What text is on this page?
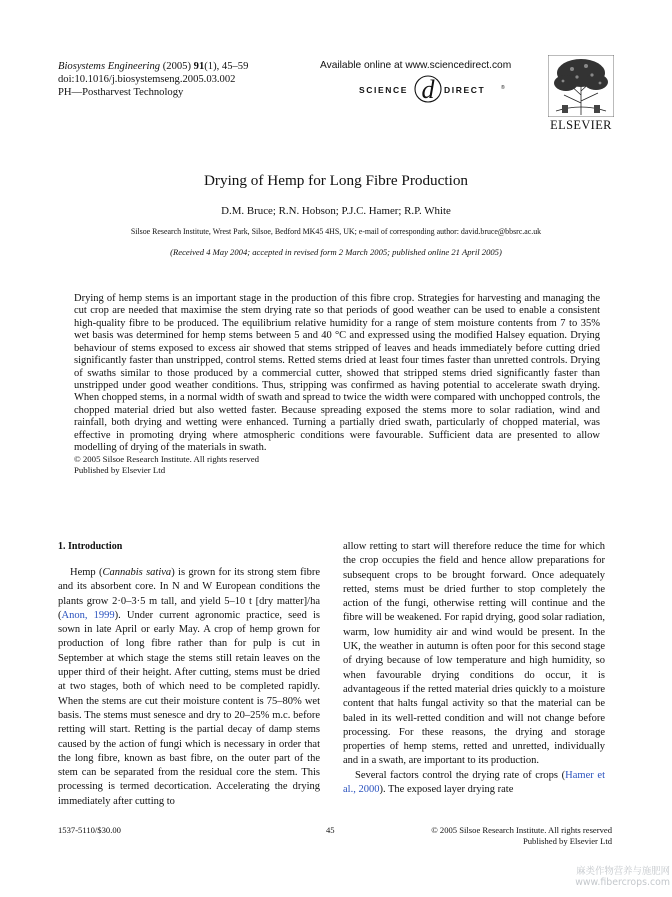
Biosystems Engineering (2005) 91(1), 45–59
doi:10.1016/j.biosystemseng.2005.03.002
PH—Postharvest Technology
Available online at www.sciencedirect.com
SCIENCE d DIRECT	®
ELSEVIER
Drying of Hemp for Long Fibre Production
D.M. Bruce; R.N. Hobson; P.J.C. Hamer; R.P. White
Silsoe Research Institute, Wrest Park, Silsoe, Bedford MK45 4HS, UK; e-mail of corresponding author: david.bruce@bbsrc.ac.uk
(Received 4 May 2004; accepted in revised form 2 March 2005; published online 21 April 2005)

Drying of hemp stems is an important stage in the production of this fibre crop. Strategies for harvesting and managing the cut crop are needed that maximise the stem drying rate so that periods of good weather can be used to enable a consistent high-quality fibre to be produced. The equilibrium relative humidity for a range of stem moisture contents from 7 to 35% wet basis was determined for hemp stems between 5 and 40 °C and expressed using the modified Halsey equation. Drying behaviour of stems exposed to excess air showed that stems stripped of leaves and heads immediately before cutting dried significantly faster than unstripped, control stems. Retted stems dried at least four times faster than unretted controls. Drying of swaths similar to those produced by a commercial cutter, showed that stripped stems dried significantly faster than unstripped under good weather conditions. Thus, stripping was confirmed as having potential to accelerate swath drying. When chopped stems, in a normal width of swath and spread to twice the width were compared with unchopped controls, the chopped material dried but also wetted faster. Because spreading exposed the stems more to solar radiation, wind and rainfall, both drying and wetting were enhanced. Turning a partially dried swath, particularly of chopped material, was effective in promoting drying where atmospheric conditions were favourable. Sufficient data are presented to allow modelling of drying of the materials in swath.

© 2005 Silsoe Research Institute. All rights reserved
Published by Elsevier Ltd
1. Introduction

Hemp (Cannabis sativa) is grown for its strong stem fibre and its absorbent core. In N and W European conditions the plants grow 2·0–3·5 m tall, and yield 5–10 t [dry matter]/ha (Anon, 1999). Under current agronomic practice, seed is sown in late April or early May. A crop of hemp grown for production of long fibre rather than for pulp is cut in September at which stage the stems still retain leaves on the upper third of their height. After cutting, stems must be dried at two stages, both of which need to be completed rapidly. When the stems are cut their moisture content is 75–80% wet basis. The stems must senesce and dry to 20–25% m.c. before retting will start. Retting is the partial decay of damp stems caused by the action of fungi which is necessary in order that the long fibre, known as bast fibre, on the outer part of the stem can be separated from the residual core the stem. This processing is termed decortication. Accelerating the drying immediately after cutting to

allow retting to start will therefore reduce the time for which the crop occupies the field and hence allow preparations for subsequent crops to be brought forward. Once adequately retted, stems must be dried further to stop completely the action of the fungi, otherwise retting will continue and the fibre will be weakened. For rapid drying, good solar radiation, warm, low humidity air and wind would be present. In the UK, the weather in autumn is often poor for this second stage of drying because of low temperature and high humidity, so when favourable drying conditions do occur, it is advantageous if the retted material dries quickly to a moisture content that halts fungal activity so that the material can be baled in its well-retted condition and will not change before processing. For these reasons, the drying and storage properties of hemp stems, retted and unretted, individually and in a swath, are important to its production.

Several factors control the drying rate of crops (Hamer et al., 2000). The exposed layer drying rate

1537-5110/$30.00	45	© 2005 Silsoe Research Institute. All rights reserved
Published by Elsevier Ltd
麻类作物营养与施肥网
www.fibercrops.com
